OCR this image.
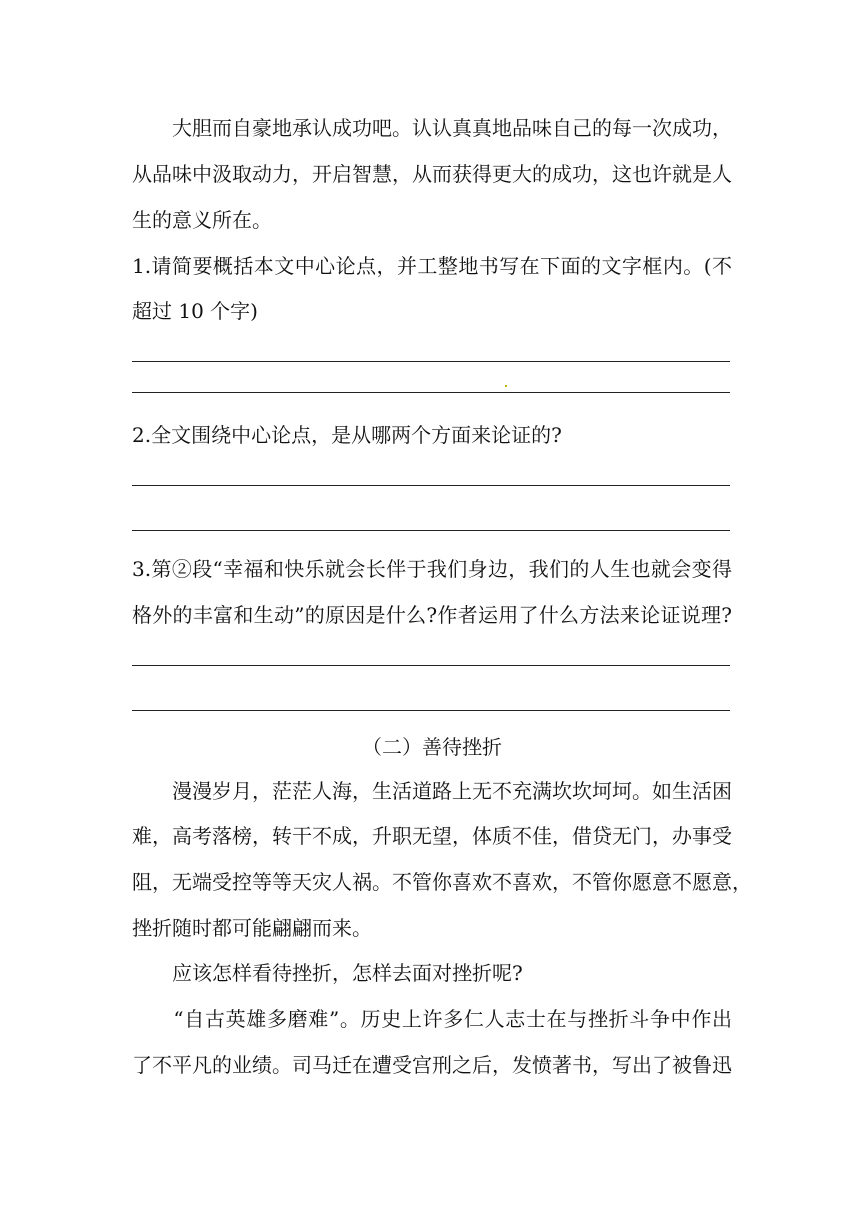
　　大胆而自豪地承认成功吧。认认真真地品味自己的每一次成功，
从品味中汲取动力，开启智慧，从而获得更大的成功，这也许就是人
生的意义所在。
1.请简要概括本文中心论点，并工整地书写在下面的文字框内。(不
超过 10 个字)
2.全文围绕中心论点，是从哪两个方面来论证的?
3.第②段“幸福和快乐就会长伴于我们身边，我们的人生也就会变得
格外的丰富和生动”的原因是什么?作者运用了什么方法来论证说理?
（二）善待挫折
　　漫漫岁月，茫茫人海，生活道路上无不充满坎坎坷坷。如生活困
难，高考落榜，转干不成，升职无望，体质不佳，借贷无门，办事受
阻，无端受控等等天灾人祸。不管你喜欢不喜欢，不管你愿意不愿意，
挫折随时都可能翩翩而来。
　　应该怎样看待挫折，怎样去面对挫折呢?
　　“自古英雄多磨难”。历史上许多仁人志士在与挫折斗争中作出
了不平凡的业绩。司马迁在遭受宫刑之后，发愤著书，写出了被鲁迅
